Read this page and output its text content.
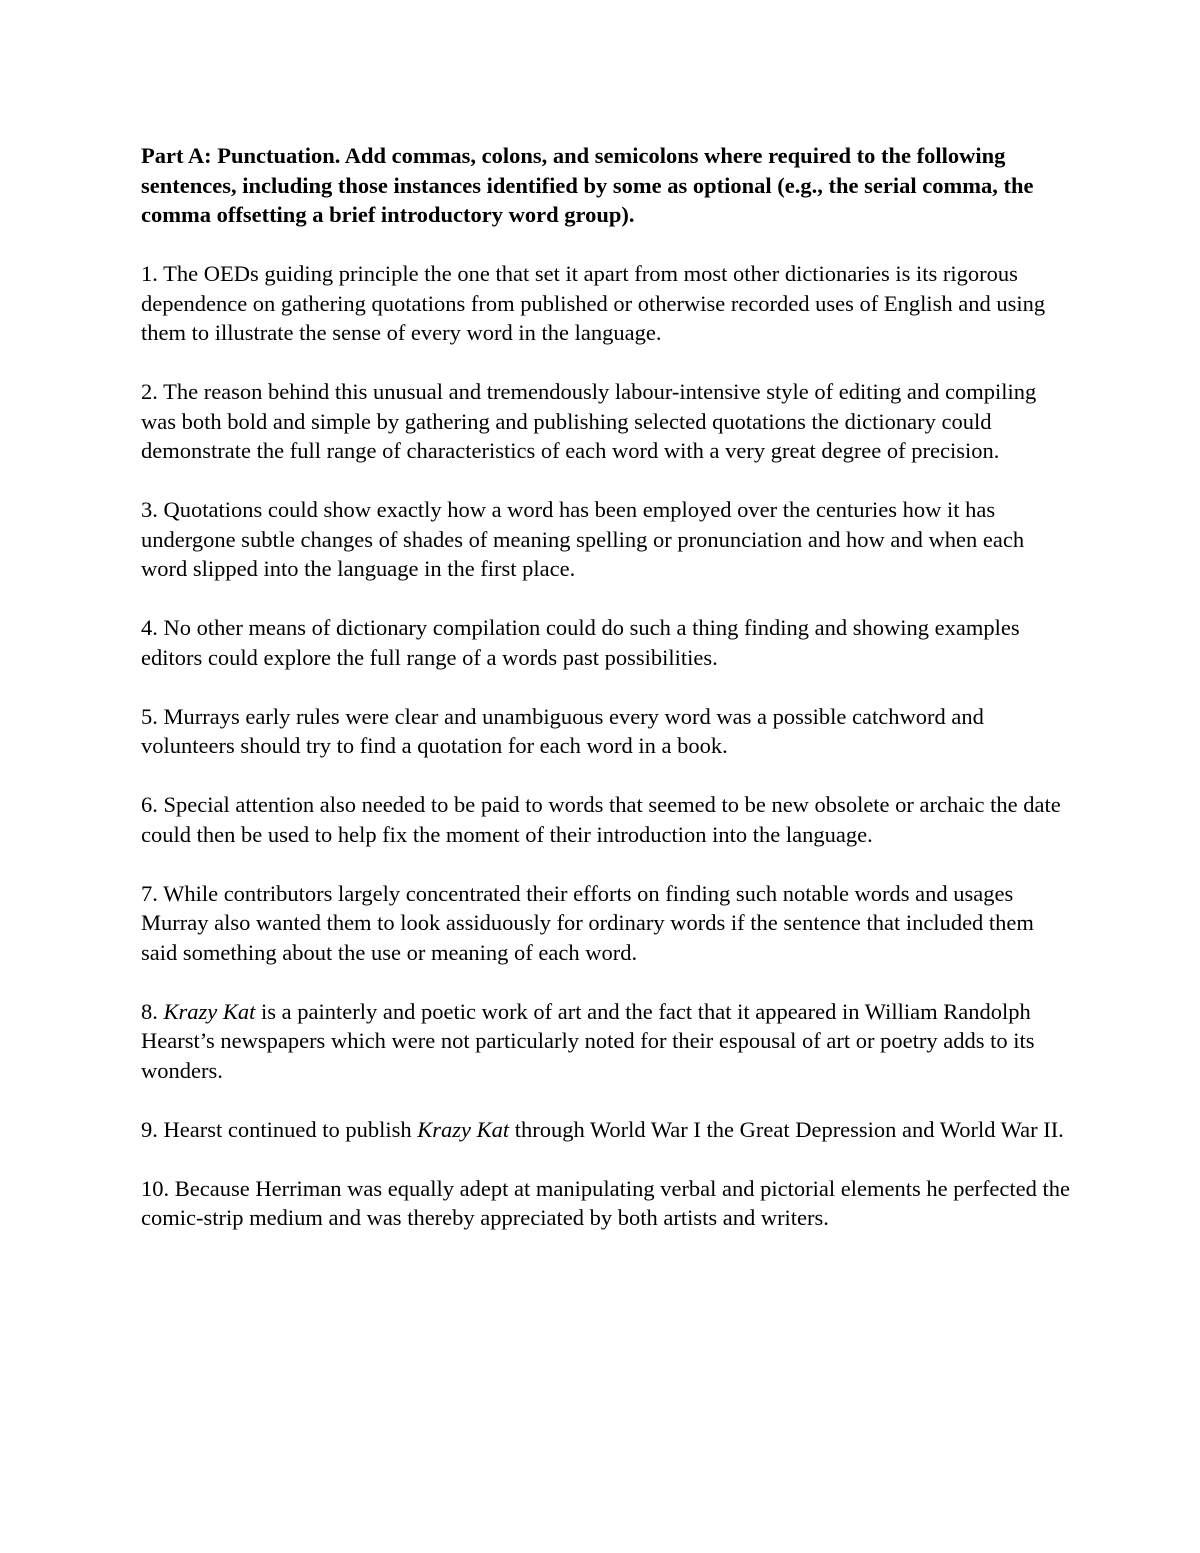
Part A: Punctuation. Add commas, colons, and semicolons where required to the following sentences, including those instances identified by some as optional (e.g., the serial comma, the comma offsetting a brief introductory word group).

1. The OEDs guiding principle the one that set it apart from most other dictionaries is its rigorous dependence on gathering quotations from published or otherwise recorded uses of English and using them to illustrate the sense of every word in the language.

2. The reason behind this unusual and tremendously labour-intensive style of editing and compiling was both bold and simple by gathering and publishing selected quotations the dictionary could demonstrate the full range of characteristics of each word with a very great degree of precision.

3. Quotations could show exactly how a word has been employed over the centuries how it has undergone subtle changes of shades of meaning spelling or pronunciation and how and when each word slipped into the language in the first place.

4. No other means of dictionary compilation could do such a thing finding and showing examples editors could explore the full range of a words past possibilities.

5. Murrays early rules were clear and unambiguous every word was a possible catchword and volunteers should try to find a quotation for each word in a book.

6. Special attention also needed to be paid to words that seemed to be new obsolete or archaic the date could then be used to help fix the moment of their introduction into the language.

7. While contributors largely concentrated their efforts on finding such notable words and usages Murray also wanted them to look assiduously for ordinary words if the sentence that included them said something about the use or meaning of each word.

8. Krazy Kat is a painterly and poetic work of art and the fact that it appeared in William Randolph Hearst’s newspapers which were not particularly noted for their espousal of art or poetry adds to its wonders.

9. Hearst continued to publish Krazy Kat through World War I the Great Depression and World War II.

10. Because Herriman was equally adept at manipulating verbal and pictorial elements he perfected the comic-strip medium and was thereby appreciated by both artists and writers.
